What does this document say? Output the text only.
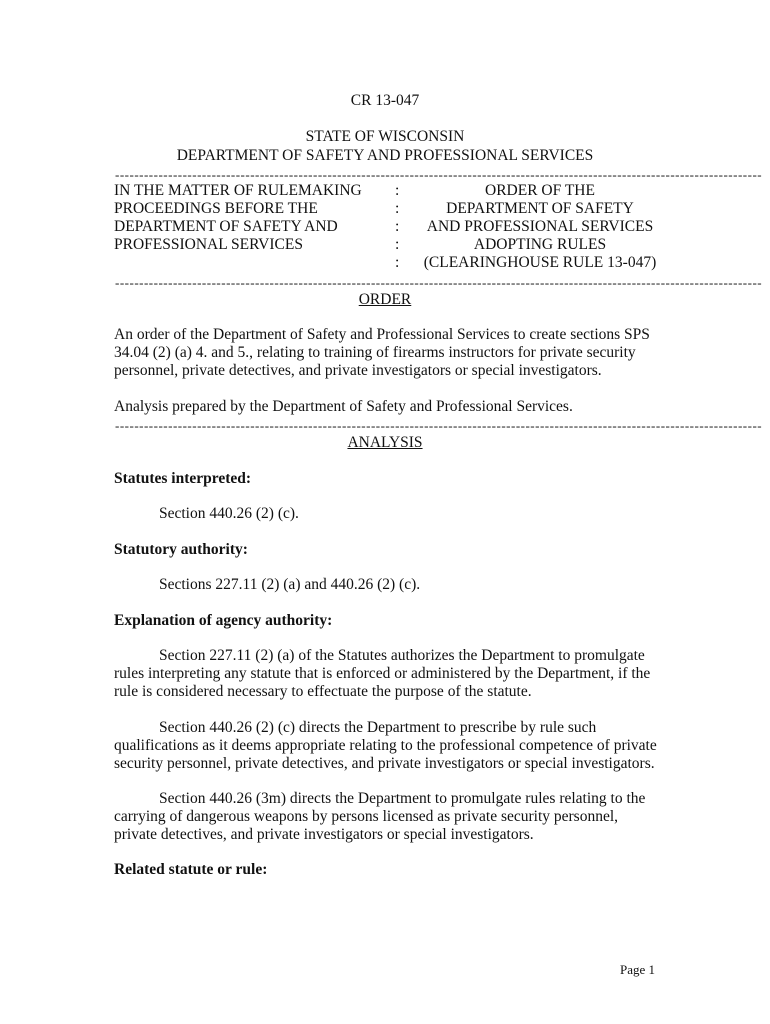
CR 13-047
STATE OF WISCONSIN
DEPARTMENT OF SAFETY AND PROFESSIONAL SERVICES
--------------------------------------------------------------------------------------------------------------------------------------
IN THE MATTER OF RULEMAKING
PROCEEDINGS BEFORE THE
DEPARTMENT OF SAFETY AND
PROFESSIONAL SERVICES
:
:
:
:
:
ORDER OF THE
DEPARTMENT OF SAFETY
AND PROFESSIONAL SERVICES
ADOPTING RULES
(CLEARINGHOUSE RULE 13-047)
--------------------------------------------------------------------------------------------------------------------------------------
ORDER
An order of the Department of Safety and Professional Services to create sections SPS 34.04 (2) (a) 4. and 5., relating to training of firearms instructors for private security personnel, private detectives, and private investigators or special investigators.
Analysis prepared by the Department of Safety and Professional Services.
--------------------------------------------------------------------------------------------------------------------------------------
ANALYSIS
Statutes interpreted:
Section 440.26 (2) (c).
Statutory authority:
Sections 227.11 (2) (a) and 440.26 (2) (c).
Explanation of agency authority:
Section 227.11 (2) (a) of the Statutes authorizes the Department to promulgate rules interpreting any statute that is enforced or administered by the Department, if the rule is considered necessary to effectuate the purpose of the statute.
Section 440.26 (2) (c) directs the Department to prescribe by rule such qualifications as it deems appropriate relating to the professional competence of private security personnel, private detectives, and private investigators or special investigators.
Section 440.26 (3m) directs the Department to promulgate rules relating to the carrying of dangerous weapons by persons licensed as private security personnel, private detectives, and private investigators or special investigators.
Related statute or rule:
Page 1
